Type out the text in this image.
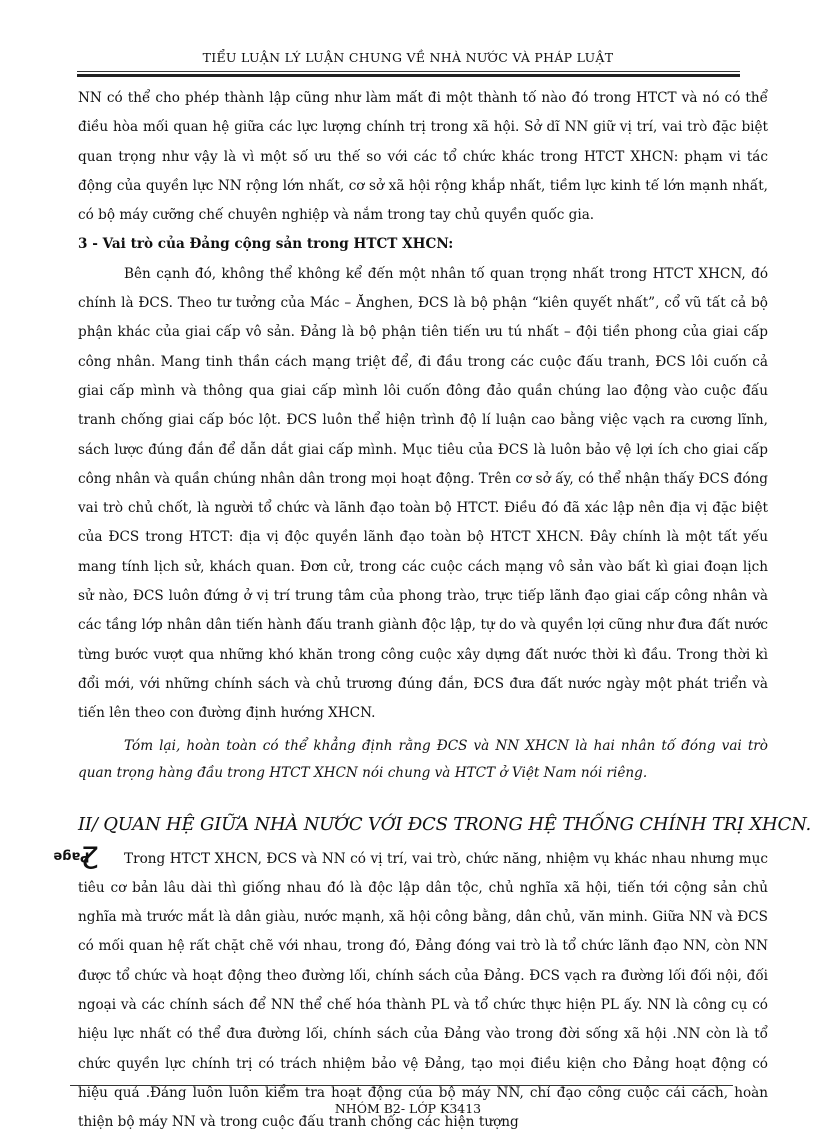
TIỂU LUẬN LÝ LUẬN CHUNG VỀ NHÀ NƯỚC VÀ PHÁP LUẬT

NN có thể cho phép thành lập cũng như làm mất đi một thành tố nào đó trong HTCT và nó có thể điều hòa mối quan hệ giữa các lực lượng chính trị trong xã hội. Sở dĩ NN giữ vị trí, vai trò đặc biệt quan trọng như vậy là vì một số ưu thế so với các tổ chức khác trong HTCT XHCN: phạm vi tác động của quyền lực NN rộng lớn nhất, cơ sở xã hội rộng khắp nhất, tiềm lực kinh tế lớn mạnh nhất, có bộ máy cưỡng chế chuyên nghiệp và nắm trong tay chủ quyền quốc gia.

3 - Vai trò của Đảng cộng sản trong HTCT XHCN:

Bên cạnh đó, không thể không kể đến một nhân tố quan trọng nhất trong HTCT XHCN, đó chính là ĐCS. Theo tư tưởng của Mác – Ănghen, ĐCS là bộ phận “kiên quyết nhất”, cổ vũ tất cả bộ phận khác của giai cấp vô sản. Đảng là bộ phận tiên tiến ưu tú nhất – đội tiền phong của giai cấp công nhân. Mang tinh thần cách mạng triệt để, đi đầu trong các cuộc đấu tranh, ĐCS lôi cuốn cả giai cấp mình và thông qua giai cấp mình lôi cuốn đông đảo quần chúng lao động vào cuộc đấu tranh chống giai cấp bóc lột. ĐCS luôn thể hiện trình độ lí luận cao bằng việc vạch ra cương lĩnh, sách lược đúng đắn để dẫn dắt giai cấp mình. Mục tiêu của ĐCS là luôn bảo vệ lợi ích cho giai cấp công nhân và quần chúng nhân dân trong mọi hoạt động. Trên cơ sở ấy, có thể nhận thấy ĐCS đóng vai trò chủ chốt, là người tổ chức và lãnh đạo toàn bộ HTCT. Điều đó đã xác lập nên địa vị đặc biệt của ĐCS trong HTCT: địa vị độc quyền lãnh đạo toàn bộ HTCT XHCN. Đây chính là một tất yếu mang tính lịch sử, khách quan. Đơn cử, trong các cuộc cách mạng vô sản vào bất kì giai đoạn lịch sử nào, ĐCS luôn đứng ở vị trí trung tâm của phong trào, trực tiếp lãnh đạo giai cấp công nhân và các tầng lớp nhân dân tiến hành đấu tranh giành độc lập, tự do và quyền lợi cũng như đưa đất nước từng bước vượt qua những khó khăn trong công cuộc xây dựng đất nước thời kì đầu. Trong thời kì đổi mới, với những chính sách và chủ trương đúng đắn, ĐCS đưa đất nước ngày một phát triển và tiến lên theo con đường định hướng XHCN.

Tóm lại, hoàn toàn có thể khẳng định rằng ĐCS và NN XHCN là hai nhân tố đóng vai trò quan trọng hàng đầu trong HTCT XHCN nói chung và HTCT ở Việt Nam nói riêng.

II/ QUAN HỆ GIỮA NHÀ NƯỚC VỚI ĐCS TRONG HỆ THỐNG CHÍNH TRỊ XHCN.

Trong HTCT XHCN, ĐCS và NN có vị trí, vai trò, chức năng, nhiệm vụ khác nhau nhưng mục tiêu cơ bản lâu dài thì giống nhau đó là độc lập dân tộc, chủ nghĩa xã hội, tiến tới cộng sản chủ nghĩa mà trước mắt là dân giàu, nước mạnh, xã hội công bằng, dân chủ, văn minh. Giữa NN và ĐCS có mối quan hệ rất chặt chẽ với nhau, trong đó, Đảng đóng vai trò là tổ chức lãnh đạo NN, còn NN được tổ chức và hoạt động theo đường lối, chính sách của Đảng. ĐCS vạch ra đường lối đối nội, đối ngoại và các chính sách để NN thể chế hóa thành PL và tổ chức thực hiện PL ấy. NN là công cụ có hiệu lực nhất có thể đưa đường lối, chính sách của Đảng vào trong đời sống xã hội .NN còn là tổ chức quyền lực chính trị có trách nhiệm bảo vệ Đảng, tạo mọi điều kiện cho Đảng hoạt động có hiệu quả .Đảng luôn luôn kiểm tra hoạt động của bộ máy NN, chỉ đạo công cuộc cải cách, hoàn thiện bộ máy NN và trong cuộc đấu tranh chống các hiện tượng

Page
2
NHÓM B2- LỚP K3413
